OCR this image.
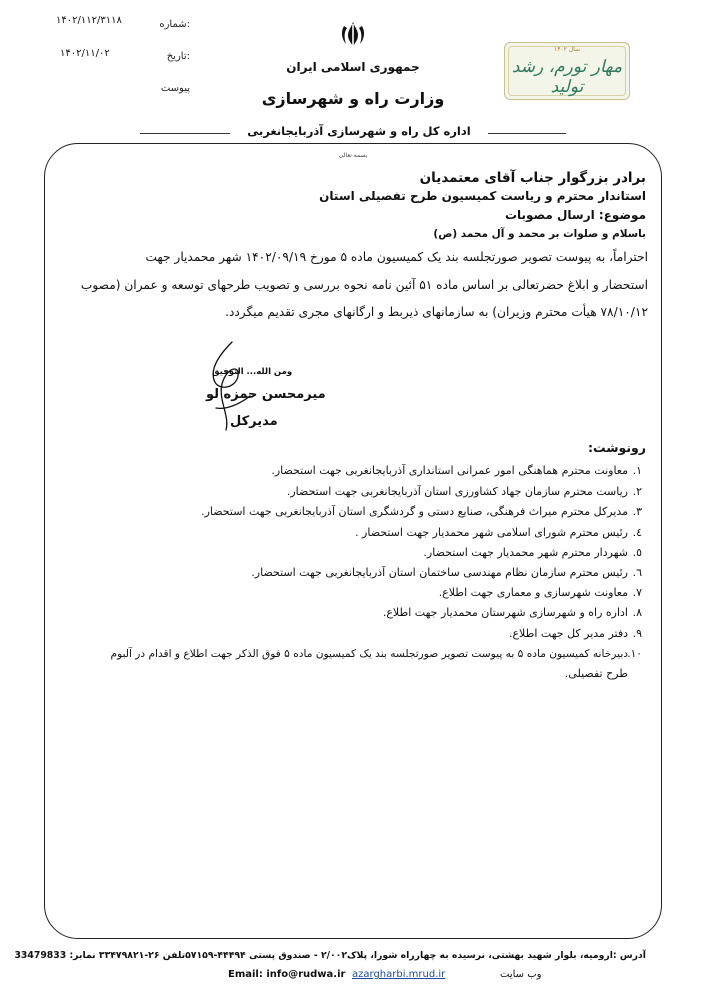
شماره:
۱۴۰۲/۱۱۲/۳۱۱۸
تاریخ:
۱۴۰۲/۱۱/۰۲
پیوست
جمهوری اسلامی ایران
وزارت راه و شهرسازی
سال ۱۴۰۲
مهار تورم، رشد تولید
اداره کل راه و شهرسازی آذربایجانغربی
بسمه تعالی
برادر بزرگوار جناب آقای معتمدیان
استاندار محترم و ریاست کمیسیون طرح تفصیلی استان
موضوع: ارسال مصوبات
باسلام و صلوات بر محمد و آل محمد (ص)
احتراماً، به پیوست تصویر صورتجلسه بند یک کمیسیون ماده ۵ مورخ ۱۴۰۲/۰۹/۱۹ شهر محمدیار جهت
استحضار و ابلاغ حضرتعالی بر اساس ماده ۵۱ آئین نامه نحوه بررسی و تصویب طرحهای توسعه و عمران (مصوب
۷۸/۱۰/۱۲ هیأت محترم وزیران) به سازمانهای ذیربط و ارگانهای مجری تقدیم میگردد.
ومن الله... التوفیق
میرمحسن حمزه لو
مدیرکل
رونوشت:
۱.معاونت محترم هماهنگی امور عمرانی استانداری آذربایجانغربی جهت استحضار.
۲.ریاست محترم سازمان جهاد کشاورزی استان آذربایجانغربی جهت استحضار.
۳.مدیرکل محترم میراث فرهنگی، صنایع دستی و گردشگری استان آذربایجانغربی جهت استحضار.
٤.رئیس محترم شورای اسلامی شهر محمدیار جهت استحضار .
٥.شهردار محترم شهر محمدیار جهت استحضار.
٦.رئیس محترم سازمان نظام مهندسی ساختمان استان آذربایجانغربی جهت استحضار.
۷.معاونت شهرسازی و معماری جهت اطلاع.
۸.اداره راه و شهرسازی شهرستان محمدیار جهت اطلاع.
۹.دفتر مدیر کل جهت اطلاع.
۱۰.دبیرخانه کمیسیون ماده ۵ به پیوست تصویر صورتجلسه بند یک کمیسیون ماده ۵ فوق الذکر جهت اطلاع و اقدام در آلبوم
طرح تفصیلی.
آدرس :ارومیه، بلوار شهید بهشتی، نرسیده به چهارراه شورا، پلاک۲/۰۰۲ - صندوق پستی ۴۴۴۹۴-۵۷۱۵۹تلفن ۲۶-۳۳۴۷۹۸۲۱ نمابر: 33479833
وب سایت
azargharbi.mrud.ir
Email: info@rudwa.ir
